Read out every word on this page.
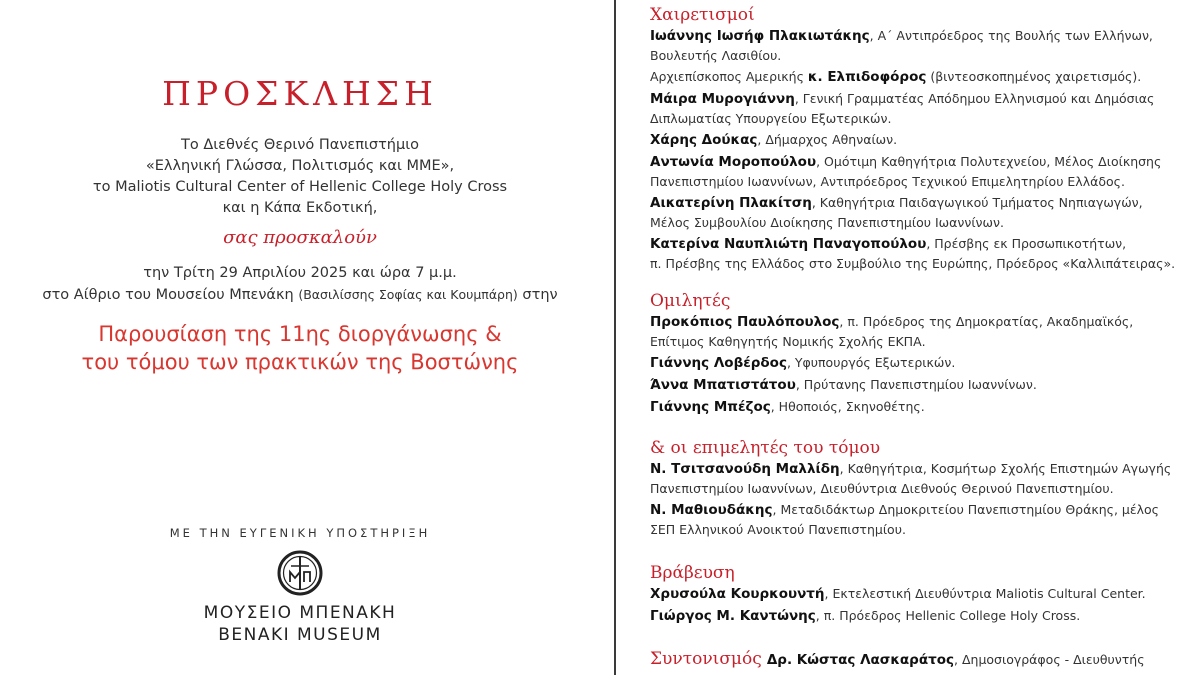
ΠΡΟΣΚΛΗΣΗ
Το Διεθνές Θερινό Πανεπιστήμιο
«Ελληνική Γλώσσα, Πολιτισμός και ΜΜΕ»,
το Maliotis Cultural Center of Hellenic College Holy Cross
και η Κάπα Εκδοτική,
σας προσκαλούν
την Τρίτη 29 Απριλίου 2025 και ώρα 7 μ.μ.
στο Αίθριο του Μουσείου Μπενάκη (Βασιλίσσης Σοφίας και Κουμπάρη) στην
Παρουσίαση της 11ης διοργάνωσης &
του τόμου των πρακτικών της Βοστώνης
ΜΕ ΤΗΝ ΕΥΓΕΝΙΚΗ ΥΠΟΣΤΗΡΙΞΗ
ΜΟΥΣΕΙΟ ΜΠΕΝΑΚΗ
BENAKI MUSEUM
Χαιρετισμοί
Ιωάννης Ιωσήφ Πλακιωτάκης, Α΄ Αντιπρόεδρος της Βουλής των Ελλήνων,
Βουλευτής Λασιθίου.
Αρχιεπίσκοπος Αμερικής κ. Ελπιδοφόρος (βιντεοσκοπημένος χαιρετισμός).
Μάιρα Μυρογιάννη, Γενική Γραμματέας Απόδημου Ελληνισμού και Δημόσιας
Διπλωματίας Υπουργείου Εξωτερικών.
Χάρης Δούκας, Δήμαρχος Αθηναίων.
Αντωνία Μοροπούλου, Ομότιμη Καθηγήτρια Πολυτεχνείου, Μέλος Διοίκησης
Πανεπιστημίου Ιωαννίνων, Αντιπρόεδρος Τεχνικού Επιμελητηρίου Ελλάδος.
Αικατερίνη Πλακίτση, Καθηγήτρια Παιδαγωγικού Τμήματος Νηπιαγωγών,
Μέλος Συμβουλίου Διοίκησης Πανεπιστημίου Ιωαννίνων.
Κατερίνα Ναυπλιώτη Παναγοπούλου, Πρέσβης εκ Προσωπικοτήτων,
π. Πρέσβης της Ελλάδος στο Συμβούλιο της Ευρώπης, Πρόεδρος «Καλλιπάτειρας».
Ομιλητές
Προκόπιος Παυλόπουλος, π. Πρόεδρος της Δημοκρατίας, Ακαδημαϊκός,
Επίτιμος Καθηγητής Νομικής Σχολής ΕΚΠΑ.
Γιάννης Λοβέρδος, Υφυπουργός Εξωτερικών.
Άννα Μπατιστάτου, Πρύτανης Πανεπιστημίου Ιωαννίνων.
Γιάννης Μπέζος, Ηθοποιός, Σκηνοθέτης.
& οι επιμελητές του τόμου
Ν. Τσιτσανούδη Μαλλίδη, Καθηγήτρια, Κοσμήτωρ Σχολής Επιστημών Αγωγής
Πανεπιστημίου Ιωαννίνων, Διευθύντρια Διεθνούς Θερινού Πανεπιστημίου.
Ν. Μαθιουδάκης, Μεταδιδάκτωρ Δημοκριτείου Πανεπιστημίου Θράκης, μέλος
ΣΕΠ Ελληνικού Ανοικτού Πανεπιστημίου.
Βράβευση
Χρυσούλα Κουρκουντή, Εκτελεστική Διευθύντρια Maliotis Cultural Center.
Γιώργος Μ. Καντώνης, π. Πρόεδρος Hellenic College Holy Cross.
Συντονισμός Δρ. Κώστας Λασκαράτος, Δημοσιογράφος - Διευθυντής
